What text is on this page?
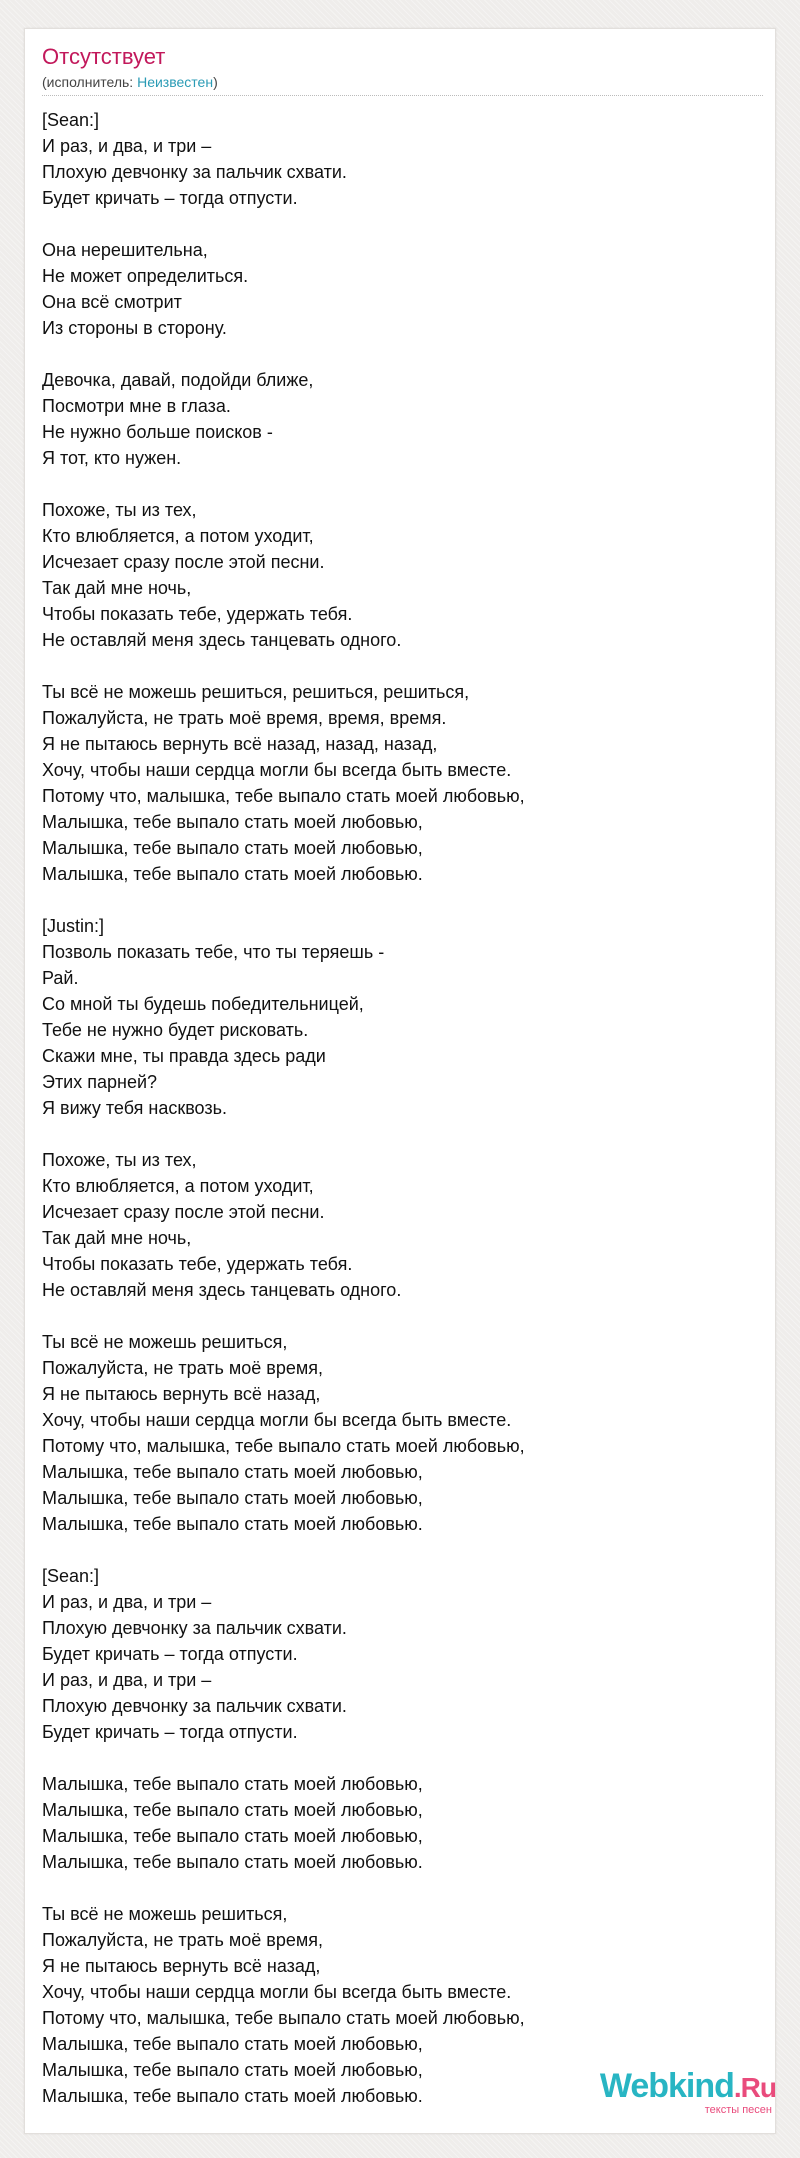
Отсутствует
(исполнитель: Неизвестен)
[Sean:]
И раз, и два, и три –
Плохую девчонку за пальчик схвати.
Будет кричать – тогда отпусти.
Она нерешительна,
Не может определиться.
Она всё смотрит
Из стороны в сторону.
Девочка, давай, подойди ближе,
Посмотри мне в глаза.
Не нужно больше поисков -
Я тот, кто нужен.
Похоже, ты из тех,
Кто влюбляется, а потом уходит,
Исчезает сразу после этой песни.
Так дай мне ночь,
Чтобы показать тебе, удержать тебя.
Не оставляй меня здесь танцевать одного.
Ты всё не можешь решиться, решиться, решиться,
Пожалуйста, не трать моё время, время, время.
Я не пытаюсь вернуть всё назад, назад, назад,
Хочу, чтобы наши сердца могли бы всегда быть вместе.
Потому что, малышка, тебе выпало стать моей любовью,
Малышка, тебе выпало стать моей любовью,
Малышка, тебе выпало стать моей любовью,
Малышка, тебе выпало стать моей любовью.
[Justin:]
Позволь показать тебе, что ты теряешь -
Рай.
Со мной ты будешь победительницей,
Тебе не нужно будет рисковать.
Скажи мне, ты правда здесь ради
Этих парней?
Я вижу тебя насквозь.
Похоже, ты из тех,
Кто влюбляется, а потом уходит,
Исчезает сразу после этой песни.
Так дай мне ночь,
Чтобы показать тебе, удержать тебя.
Не оставляй меня здесь танцевать одного.
Ты всё не можешь решиться,
Пожалуйста, не трать моё время,
Я не пытаюсь вернуть всё назад,
Хочу, чтобы наши сердца могли бы всегда быть вместе.
Потому что, малышка, тебе выпало стать моей любовью,
Малышка, тебе выпало стать моей любовью,
Малышка, тебе выпало стать моей любовью,
Малышка, тебе выпало стать моей любовью.
[Sean:]
И раз, и два, и три –
Плохую девчонку за пальчик схвати.
Будет кричать – тогда отпусти.
И раз, и два, и три –
Плохую девчонку за пальчик схвати.
Будет кричать – тогда отпусти.
Малышка, тебе выпало стать моей любовью,
Малышка, тебе выпало стать моей любовью,
Малышка, тебе выпало стать моей любовью,
Малышка, тебе выпало стать моей любовью.
Ты всё не можешь решиться,
Пожалуйста, не трать моё время,
Я не пытаюсь вернуть всё назад,
Хочу, чтобы наши сердца могли бы всегда быть вместе.
Потому что, малышка, тебе выпало стать моей любовью,
Малышка, тебе выпало стать моей любовью,
Малышка, тебе выпало стать моей любовью,
Малышка, тебе выпало стать моей любовью.	Webkind.Ru
тексты песен
